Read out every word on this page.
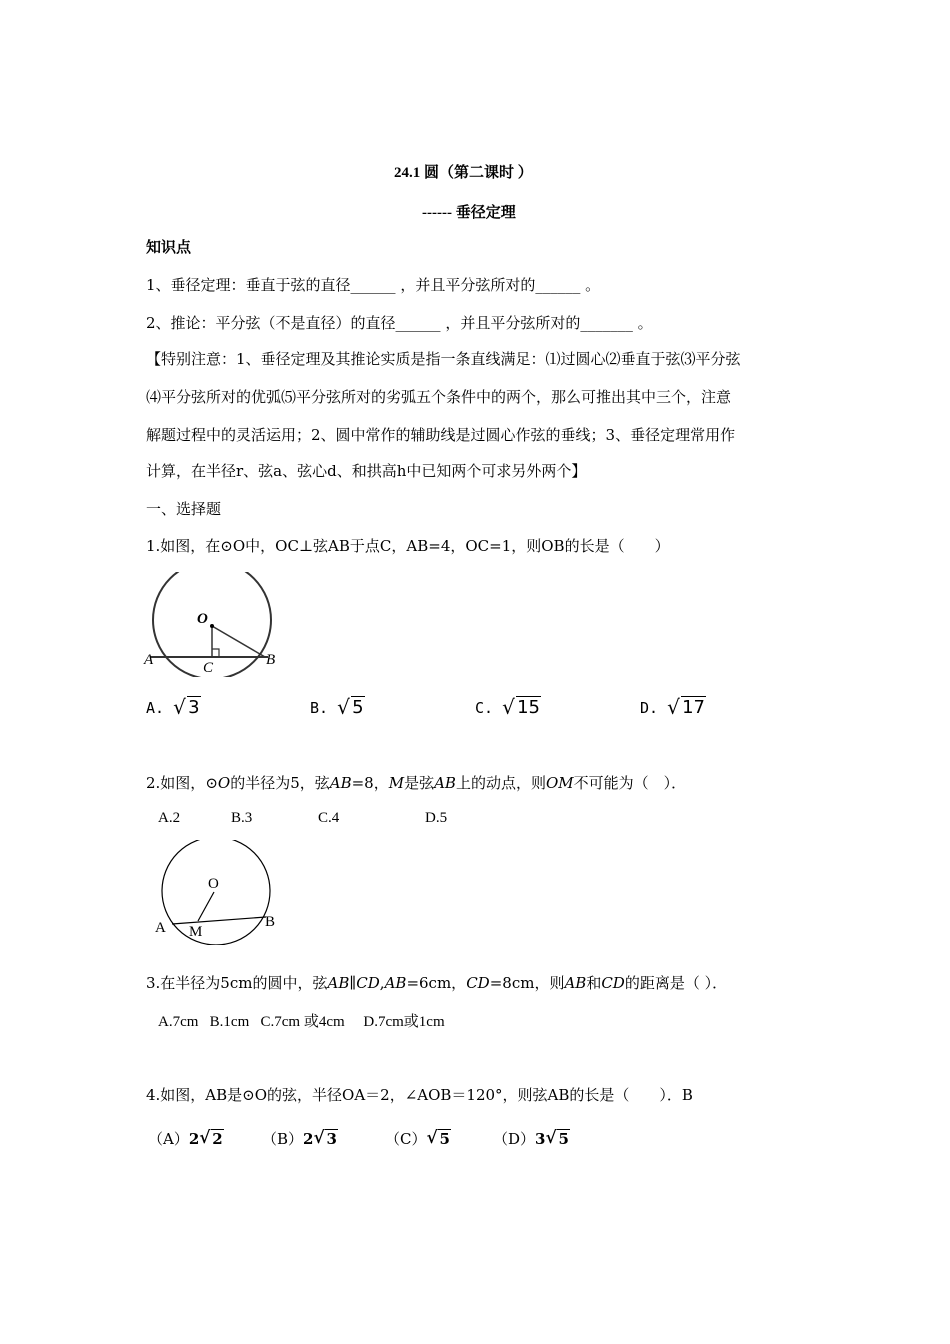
24.1 圆（第二课时 ）
------ 垂径定理
知识点
1、垂径定理：垂直于弦的直径______ ，并且平分弦所对的______ 。
2、推论：平分弦（不是直径）的直径______ ，并且平分弦所对的_______ 。
【特别注意：1、垂径定理及其推论实质是指一条直线满足：⑴过圆心⑵垂直于弦⑶平分弦
⑷平分弦所对的优弧⑸平分弦所对的劣弧五个条件中的两个，那么可推出其中三个，注意
解题过程中的灵活运用；2、圆中常作的辅助线是过圆心作弦的垂线；3、垂径定理常用作
计算，在半径r、弦a、弦心d、和拱高h中已知两个可求另外两个】
一、选择题
1.如图，在⊙O中，OC⊥弦AB于点C，AB=4，OC=1，则OB的长是（　　）
O
A	B
C
A. √ 3	B. √ 5	C. √ 15	D. √ 17
2.如图，⊙O的半径为5，弦AB=8，M是弦AB上的动点，则OM不可能为（　）．
A.2	B.3	C.4	D.5
O
A	B
M
3.在半径为5cm的圆中，弦AB∥CD,AB=6cm，CD=8cm，则AB和CD的距离是（ ）．
A.7cm   B.1cm   C.7cm 或4cm     D.7cm或1cm
4.如图，AB是⊙O的弦，半径OA＝2，∠AOB＝120°，则弦AB的长是（　　）．B
（A）2 √ 2	（B）2 √ 3	（C） √ 5	（D）3 √ 5
